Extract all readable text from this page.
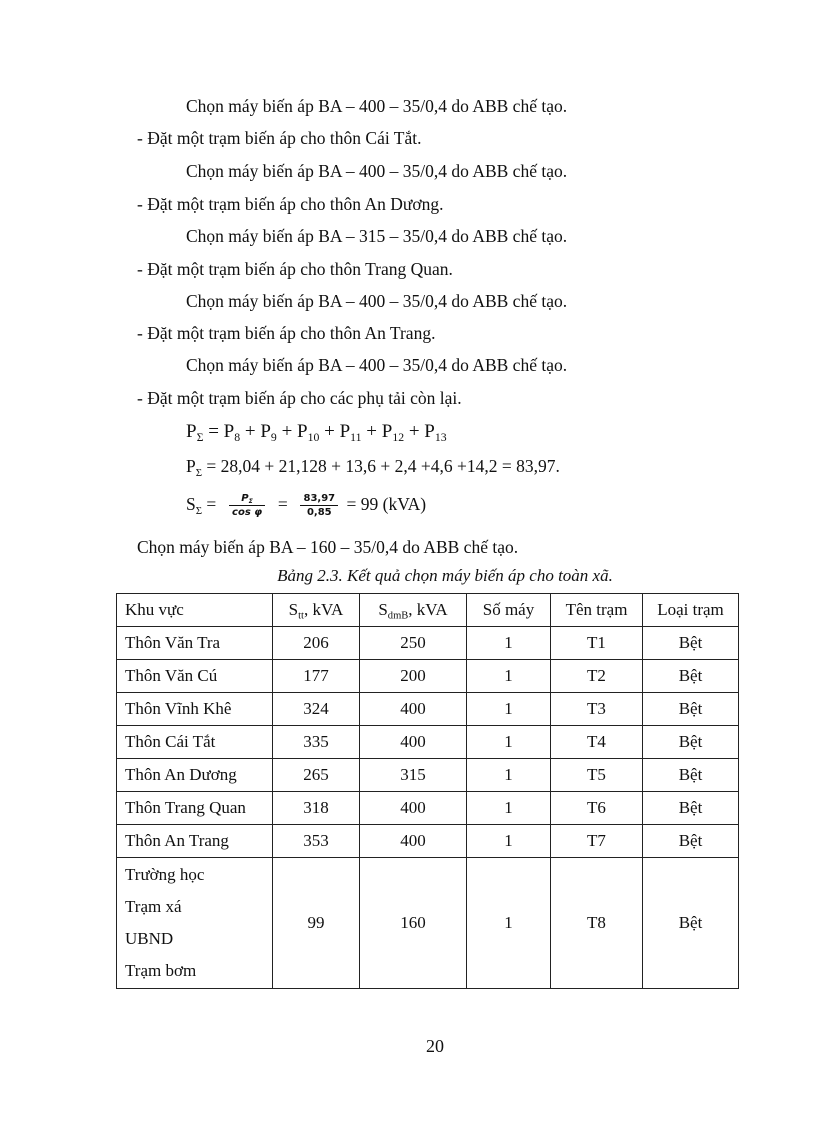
Chọn máy biến áp BA – 400 – 35/0,4 do ABB chế tạo.
- Đặt một trạm biến áp cho thôn Cái Tắt.
Chọn máy biến áp BA – 400 – 35/0,4 do ABB chế tạo.
- Đặt một trạm biến áp cho thôn An Dương.
Chọn máy biến áp BA – 315 – 35/0,4 do ABB chế tạo.
- Đặt một trạm biến áp cho thôn Trang Quan.
Chọn máy biến áp BA – 400 – 35/0,4 do ABB chế tạo.
- Đặt một trạm biến áp cho thôn An Trang.
Chọn máy biến áp BA – 400 – 35/0,4 do ABB chế tạo.
- Đặt một trạm biến áp cho các phụ tải còn lại.
$P_\Sigma = P_8 + P_9 + P_{10} + P_{11} + P_{12} + P_{13}$
$P_\Sigma = 28,04 + 21,128 + 13,6 + 2,4 +4,6 +14,2 = 83,97$.
$S_\Sigma = \frac{P_\Sigma}{\text{cos φ}} = \frac{83,97}{0,85} = 99$ (kVA)
Chọn máy biến áp BA – 160 – 35/0,4 do ABB chế tạo.
Bảng 2.3. Kết quả chọn máy biến áp cho toàn xã.
Khu vực	$S_{tt}$, kVA	$S_{dmB}$, kVA	Số máy	Tên trạm	Loại trạm
Thôn Văn Tra	206	250	1	T1	Bệt
Thôn Văn Cú	177	200	1	T2	Bệt
Thôn Vĩnh Khê	324	400	1	T3	Bệt
Thôn Cái Tắt	335	400	1	T4	Bệt
Thôn An Dương	265	315	1	T5	Bệt
Thôn Trang Quan	318	400	1	T6	Bệt
Thôn An Trang	353	400	1	T7	Bệt

Trường học
Trạm xá
UBND
Trạm bơm	99	160	1	T8	Bệt
20
